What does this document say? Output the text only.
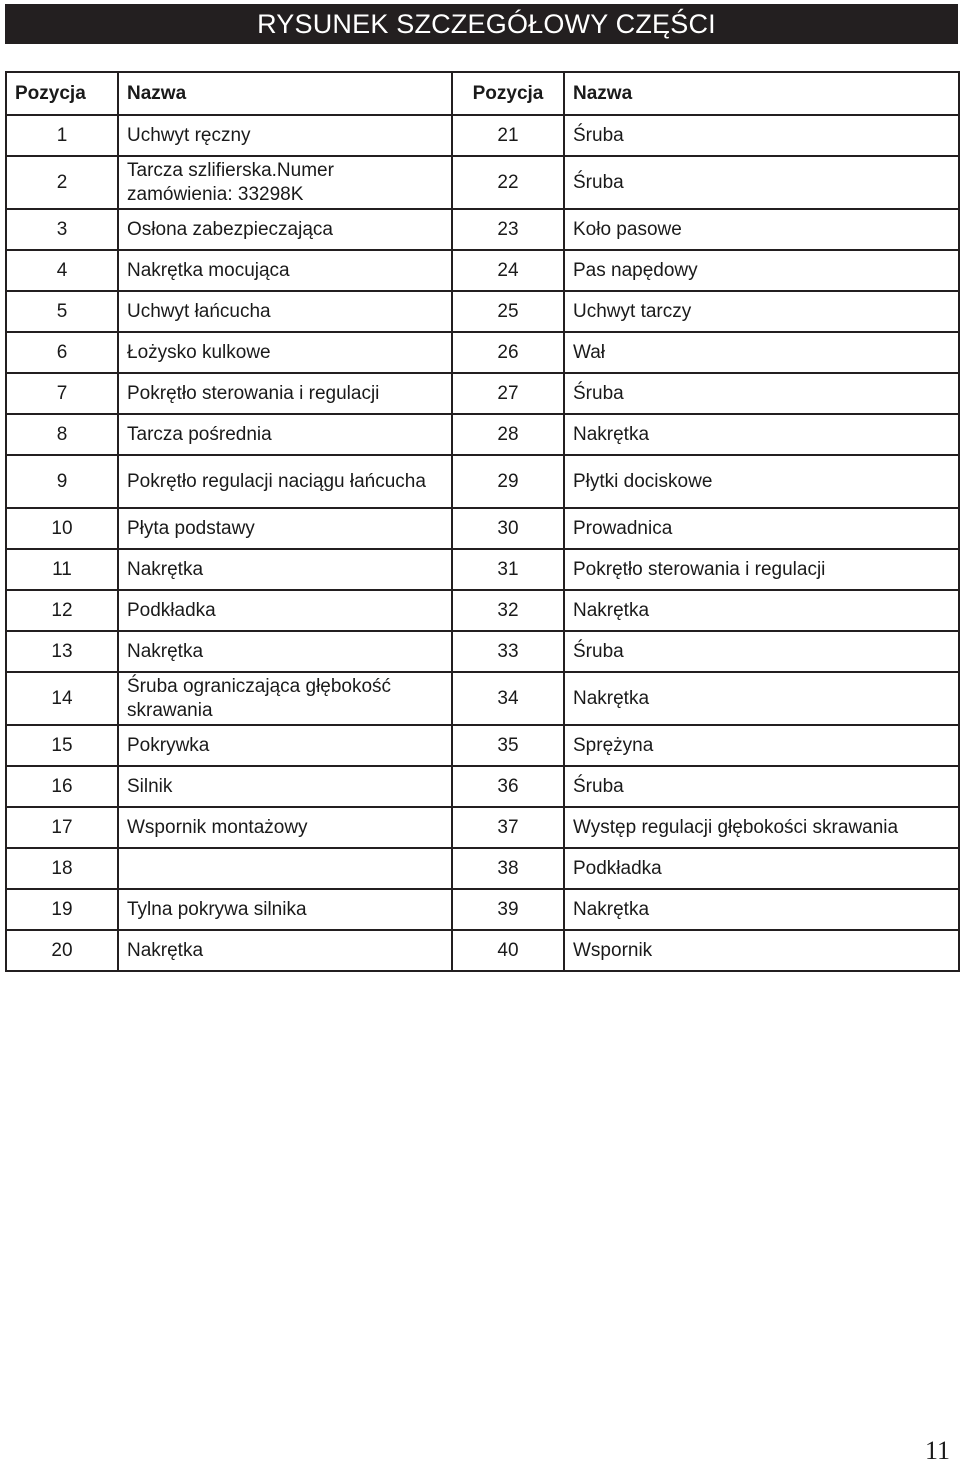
RYSUNEK SZCZEGÓŁOWY CZĘŚCI
Pozycja	Nazwa	Pozycja	Nazwa
1	Uchwyt ręczny	21	Śruba
2	Tarcza szlifierska.Numer zamówienia: 33298K	22	Śruba
3	Osłona zabezpieczająca	23	Koło pasowe
4	Nakrętka mocująca	24	Pas napędowy
5	Uchwyt łańcucha	25	Uchwyt tarczy
6	Łożysko kulkowe	26	Wał
7	Pokrętło sterowania i regulacji	27	Śruba
8	Tarcza pośrednia	28	Nakrętka
9	Pokrętło regulacji naciągu łańcucha	29	Płytki dociskowe
10	Płyta podstawy	30	Prowadnica
11	Nakrętka	31	Pokrętło sterowania i regulacji
12	Podkładka	32	Nakrętka
13	Nakrętka	33	Śruba
14	Śruba ograniczająca głębokość skrawania	34	Nakrętka
15	Pokrywka	35	Sprężyna
16	Silnik	36	Śruba
17	Wspornik montażowy	37	Występ regulacji głębokości skrawania
18		38	Podkładka
19	Tylna pokrywa silnika	39	Nakrętka
20	Nakrętka	40	Wspornik
11
